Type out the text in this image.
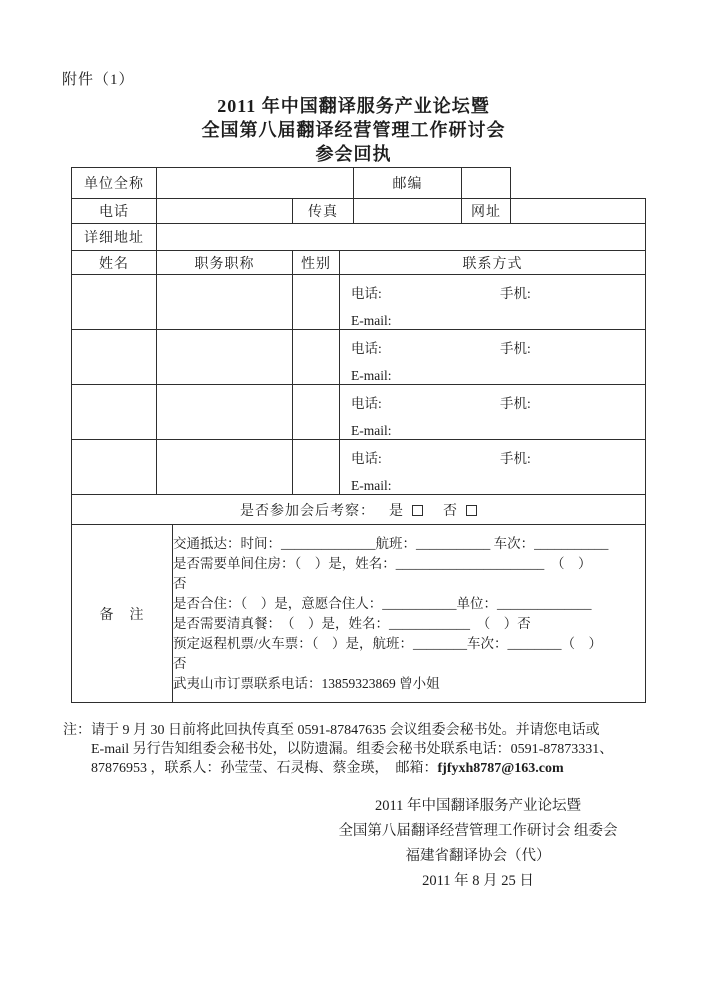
附件（1）
2011 年中国翻译服务产业论坛暨
全国第八届翻译经营管理工作研讨会
参会回执
单位全称					邮编		
电话			传真			网址	
详细地址							
姓名	职务职称		性别	联系方式			

				电话: 手机:
E-mail:			

				电话: 手机:
E-mail:			

				电话: 手机:
E-mail:			

				电话: 手机:
E-mail:			

是否参加会后考察： 是 否							
备　注	
交通抵达：时间：______________航班：___________ 车次：___________
是否需要单间住房：（　）是，姓名：______________________　（　）
否
是否合住：（　）是，意愿合住人：___________单位：______________
是否需要清真餐：　（　）是，姓名：____________　（　）否
预定返程机票/火车票：（　）是，航班：________车次：________（　）
否
武夷山市订票联系电话：13859323869 曾小姐
注：请于 9 月 30 日前将此回执传真至 0591-87847635 会议组委会秘书处。并请您电话或
E-mail 另行告知组委会秘书处，以防遗漏。组委会秘书处联系电话：0591-87873331、
87876953 ，联系人：孙莹莹、石灵梅、蔡金瑛，　邮箱：fjfyxh8787@163.com
2011 年中国翻译服务产业论坛暨
全国第八届翻译经营管理工作研讨会 组委会
福建省翻译协会（代）
2011 年 8 月 25 日
